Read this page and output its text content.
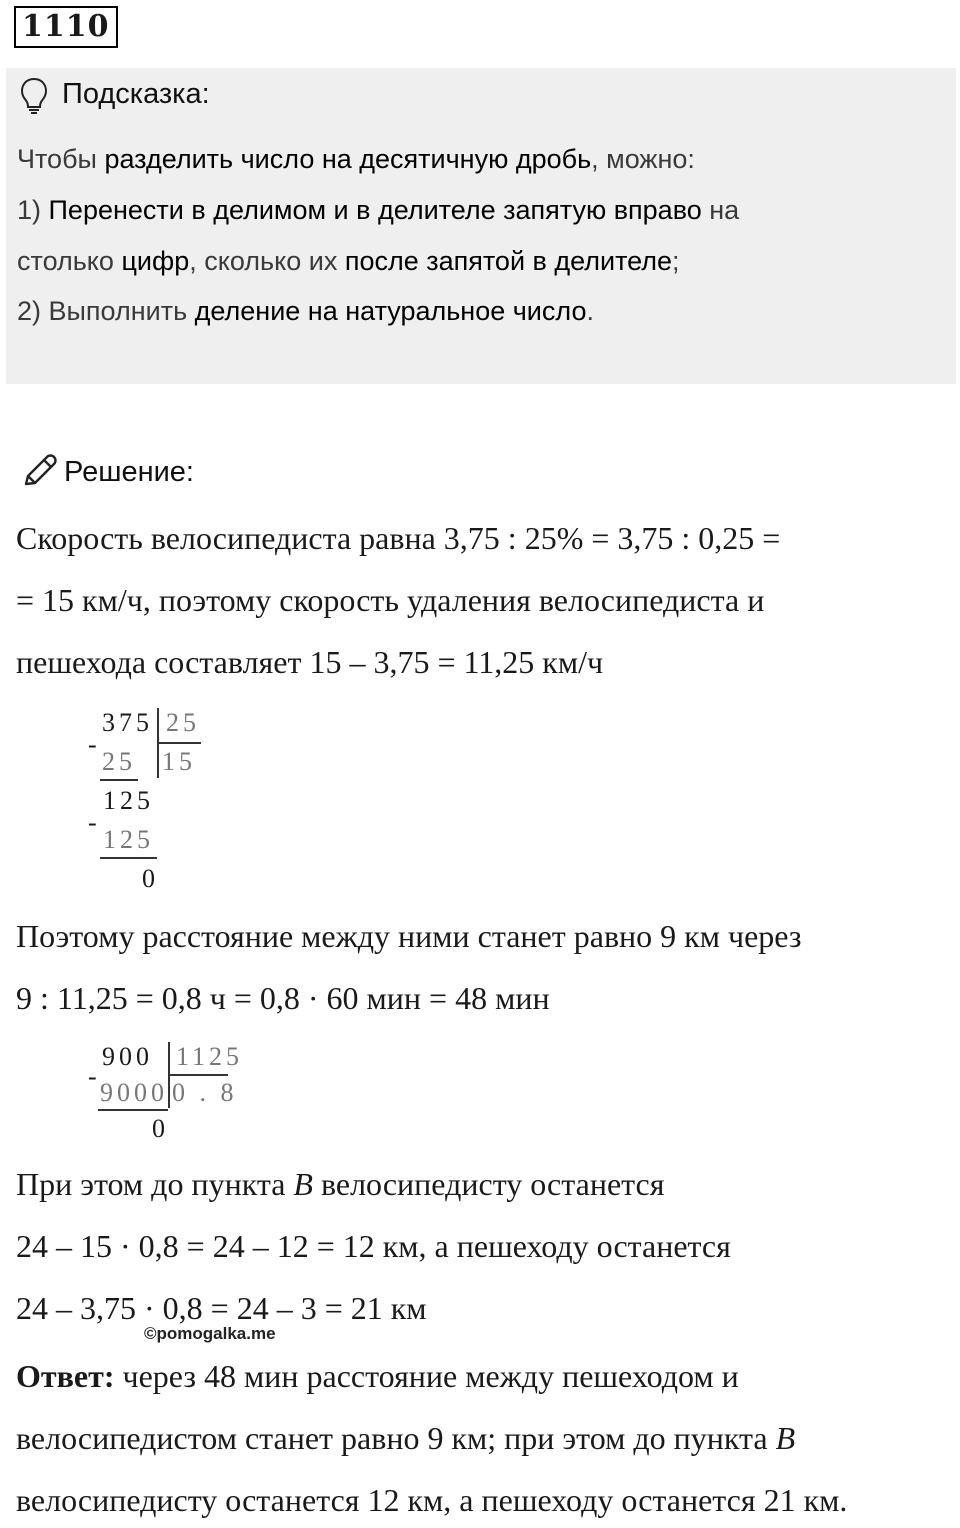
1110
Подсказка:
Чтобы разделить число на десятичную дробь, можно:
1) Перенести в делимом и в делителе запятую вправо на
столько цифр, сколько их после запятой в делителе;
2) Выполнить деление на натуральное число.
Решение:
Скорость велосипедиста равна 3,75 : 25% = 3,75 : 0,25 =
= 15 км/ч, поэтому скорость удаления велосипедиста и
пешехода составляет 15 – 3,75 = 11,25 км/ч
375 25
-
25 15
125
-
125
0
Поэтому расстояние между ними станет равно 9 км через
9 : 11,25 = 0,8 ч = 0,8 · 60 мин = 48 мин
900 1125
-
9000 0 . 8
0
При этом до пункта B велосипедисту останется
24 – 15 · 0,8 = 24 – 12 = 12 км, а пешеходу останется
24 – 3,75 · 0,8 = 24 – 3 = 21 км
©pomogalka.me
Ответ: через 48 мин расстояние между пешеходом и
велосипедистом станет равно 9 км; при этом до пункта B
велосипедисту останется 12 км, а пешеходу останется 21 км.
